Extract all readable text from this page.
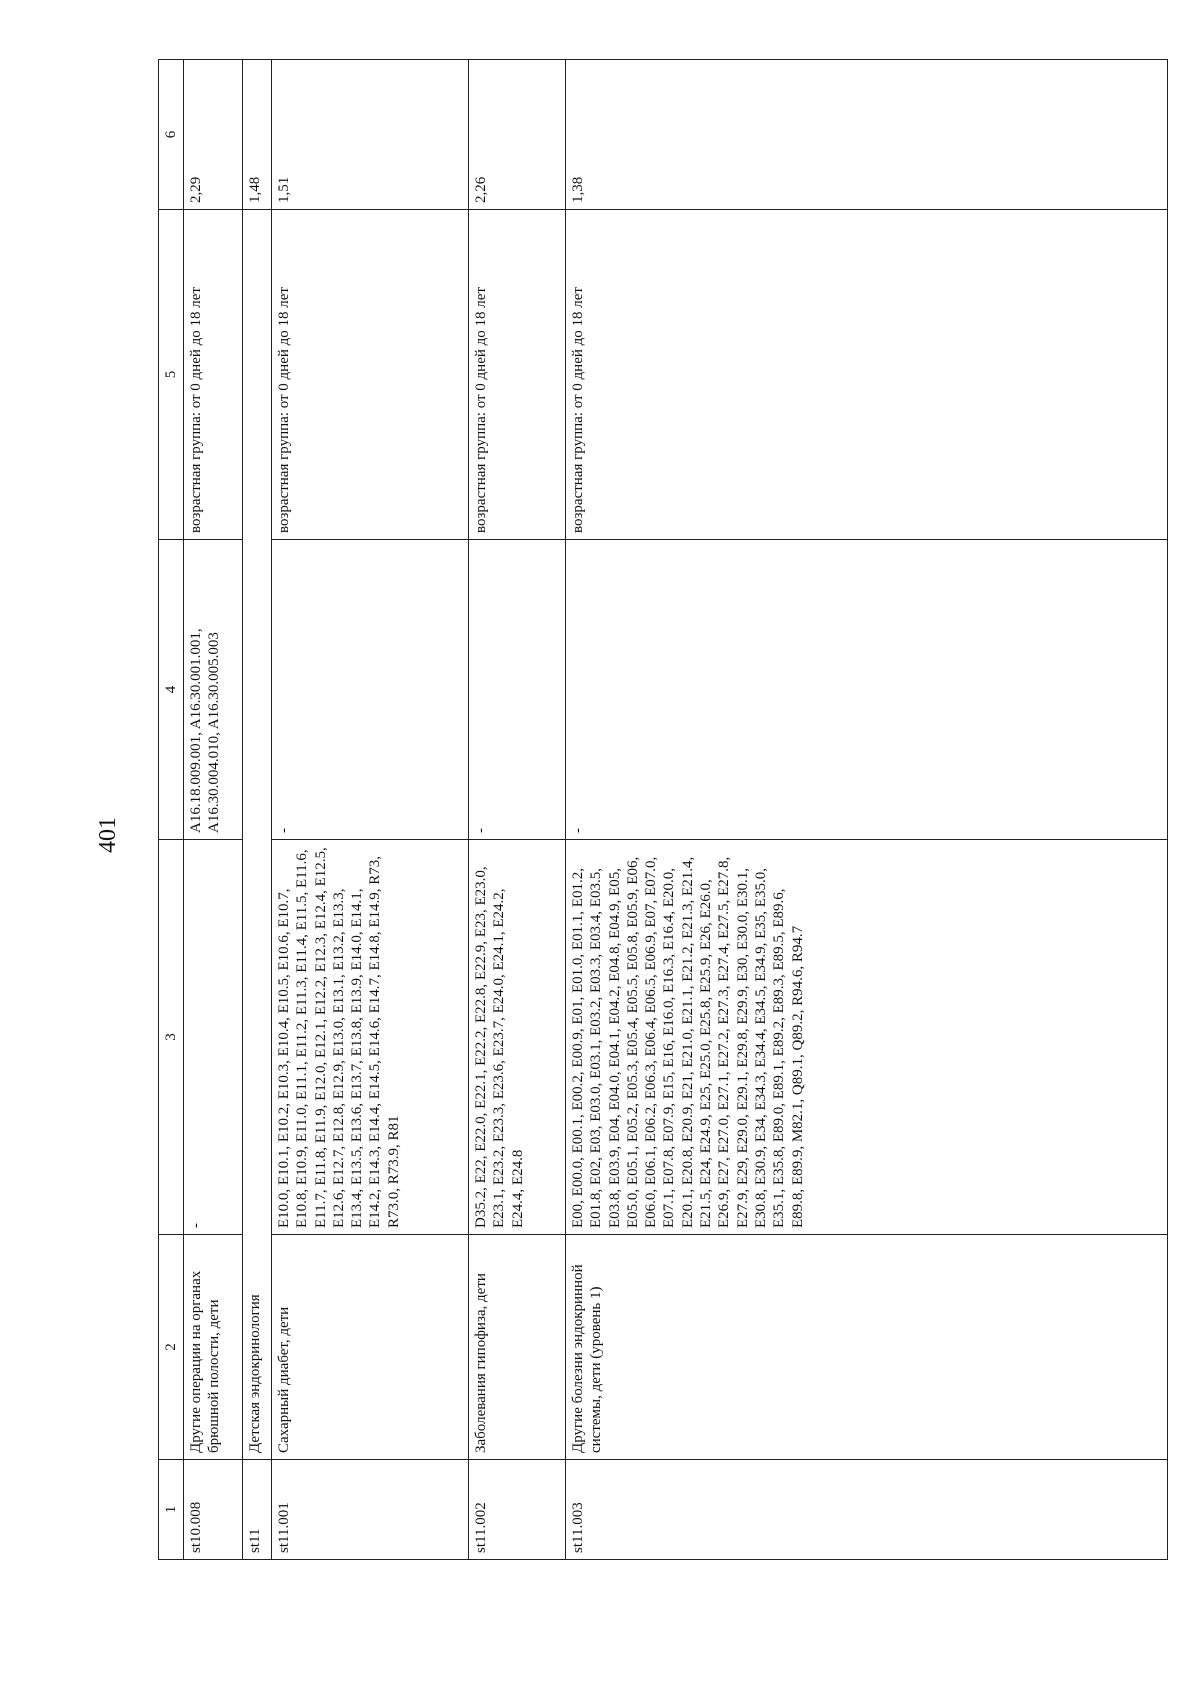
401
1	2	3	4	5	6
st10.008	Другие операции на органах брюшной полости, дети	-	A16.18.009.001, A16.30.001.001, A16.30.004.010, A16.30.005.003	возрастная группа: от 0 дней до 18 лет	2,29
st11	Детская эндокринология				1,48
st11.001	Сахарный диабет, дети	E10.0, E10.1, E10.2, E10.3, E10.4, E10.5, E10.6, E10.7, E10.8, E10.9, E11.0, E11.1, E11.2, E11.3, E11.4, E11.5, E11.6, E11.7, E11.8, E11.9, E12.0, E12.1, E12.2, E12.3, E12.4, E12.5, E12.6, E12.7, E12.8, E12.9, E13.0, E13.1, E13.2, E13.3, E13.4, E13.5, E13.6, E13.7, E13.8, E13.9, E14.0, E14.1, E14.2, E14.3, E14.4, E14.5, E14.6, E14.7, E14.8, E14.9, R73, R73.0, R73.9, R81	-	возрастная группа: от 0 дней до 18 лет	1,51
st11.002	Заболевания гипофиза, дети	D35.2, E22, E22.0, E22.1, E22.2, E22.8, E22.9, E23, E23.0, E23.1, E23.2, E23.3, E23.6, E23.7, E24.0, E24.1, E24.2, E24.4, E24.8	-	возрастная группа: от 0 дней до 18 лет	2,26
st11.003	Другие болезни эндокринной системы, дети (уровень 1)	E00, E00.0, E00.1, E00.2, E00.9, E01, E01.0, E01.1, E01.2, E01.8, E02, E03, E03.0, E03.1, E03.2, E03.3, E03.4, E03.5, E03.8, E03.9, E04, E04.0, E04.1, E04.2, E04.8, E04.9, E05, E05.0, E05.1, E05.2, E05.3, E05.4, E05.5, E05.8, E05.9, E06, E06.0, E06.1, E06.2, E06.3, E06.4, E06.5, E06.9, E07, E07.0, E07.1, E07.8, E07.9, E15, E16, E16.0, E16.3, E16.4, E20.0, E20.1, E20.8, E20.9, E21, E21.0, E21.1, E21.2, E21.3, E21.4, E21.5, E24, E24.9, E25, E25.0, E25.8, E25.9, E26, E26.0, E26.9, E27, E27.0, E27.1, E27.2, E27.3, E27.4, E27.5, E27.8, E27.9, E29, E29.0, E29.1, E29.8, E29.9, E30, E30.0, E30.1, E30.8, E30.9, E34, E34.3, E34.4, E34.5, E34.9, E35, E35.0, E35.1, E35.8, E89.0, E89.1, E89.2, E89.3, E89.5, E89.6, E89.8, E89.9, M82.1, Q89.1, Q89.2, R94.6, R94.7	-	возрастная группа: от 0 дней до 18 лет	1,38
